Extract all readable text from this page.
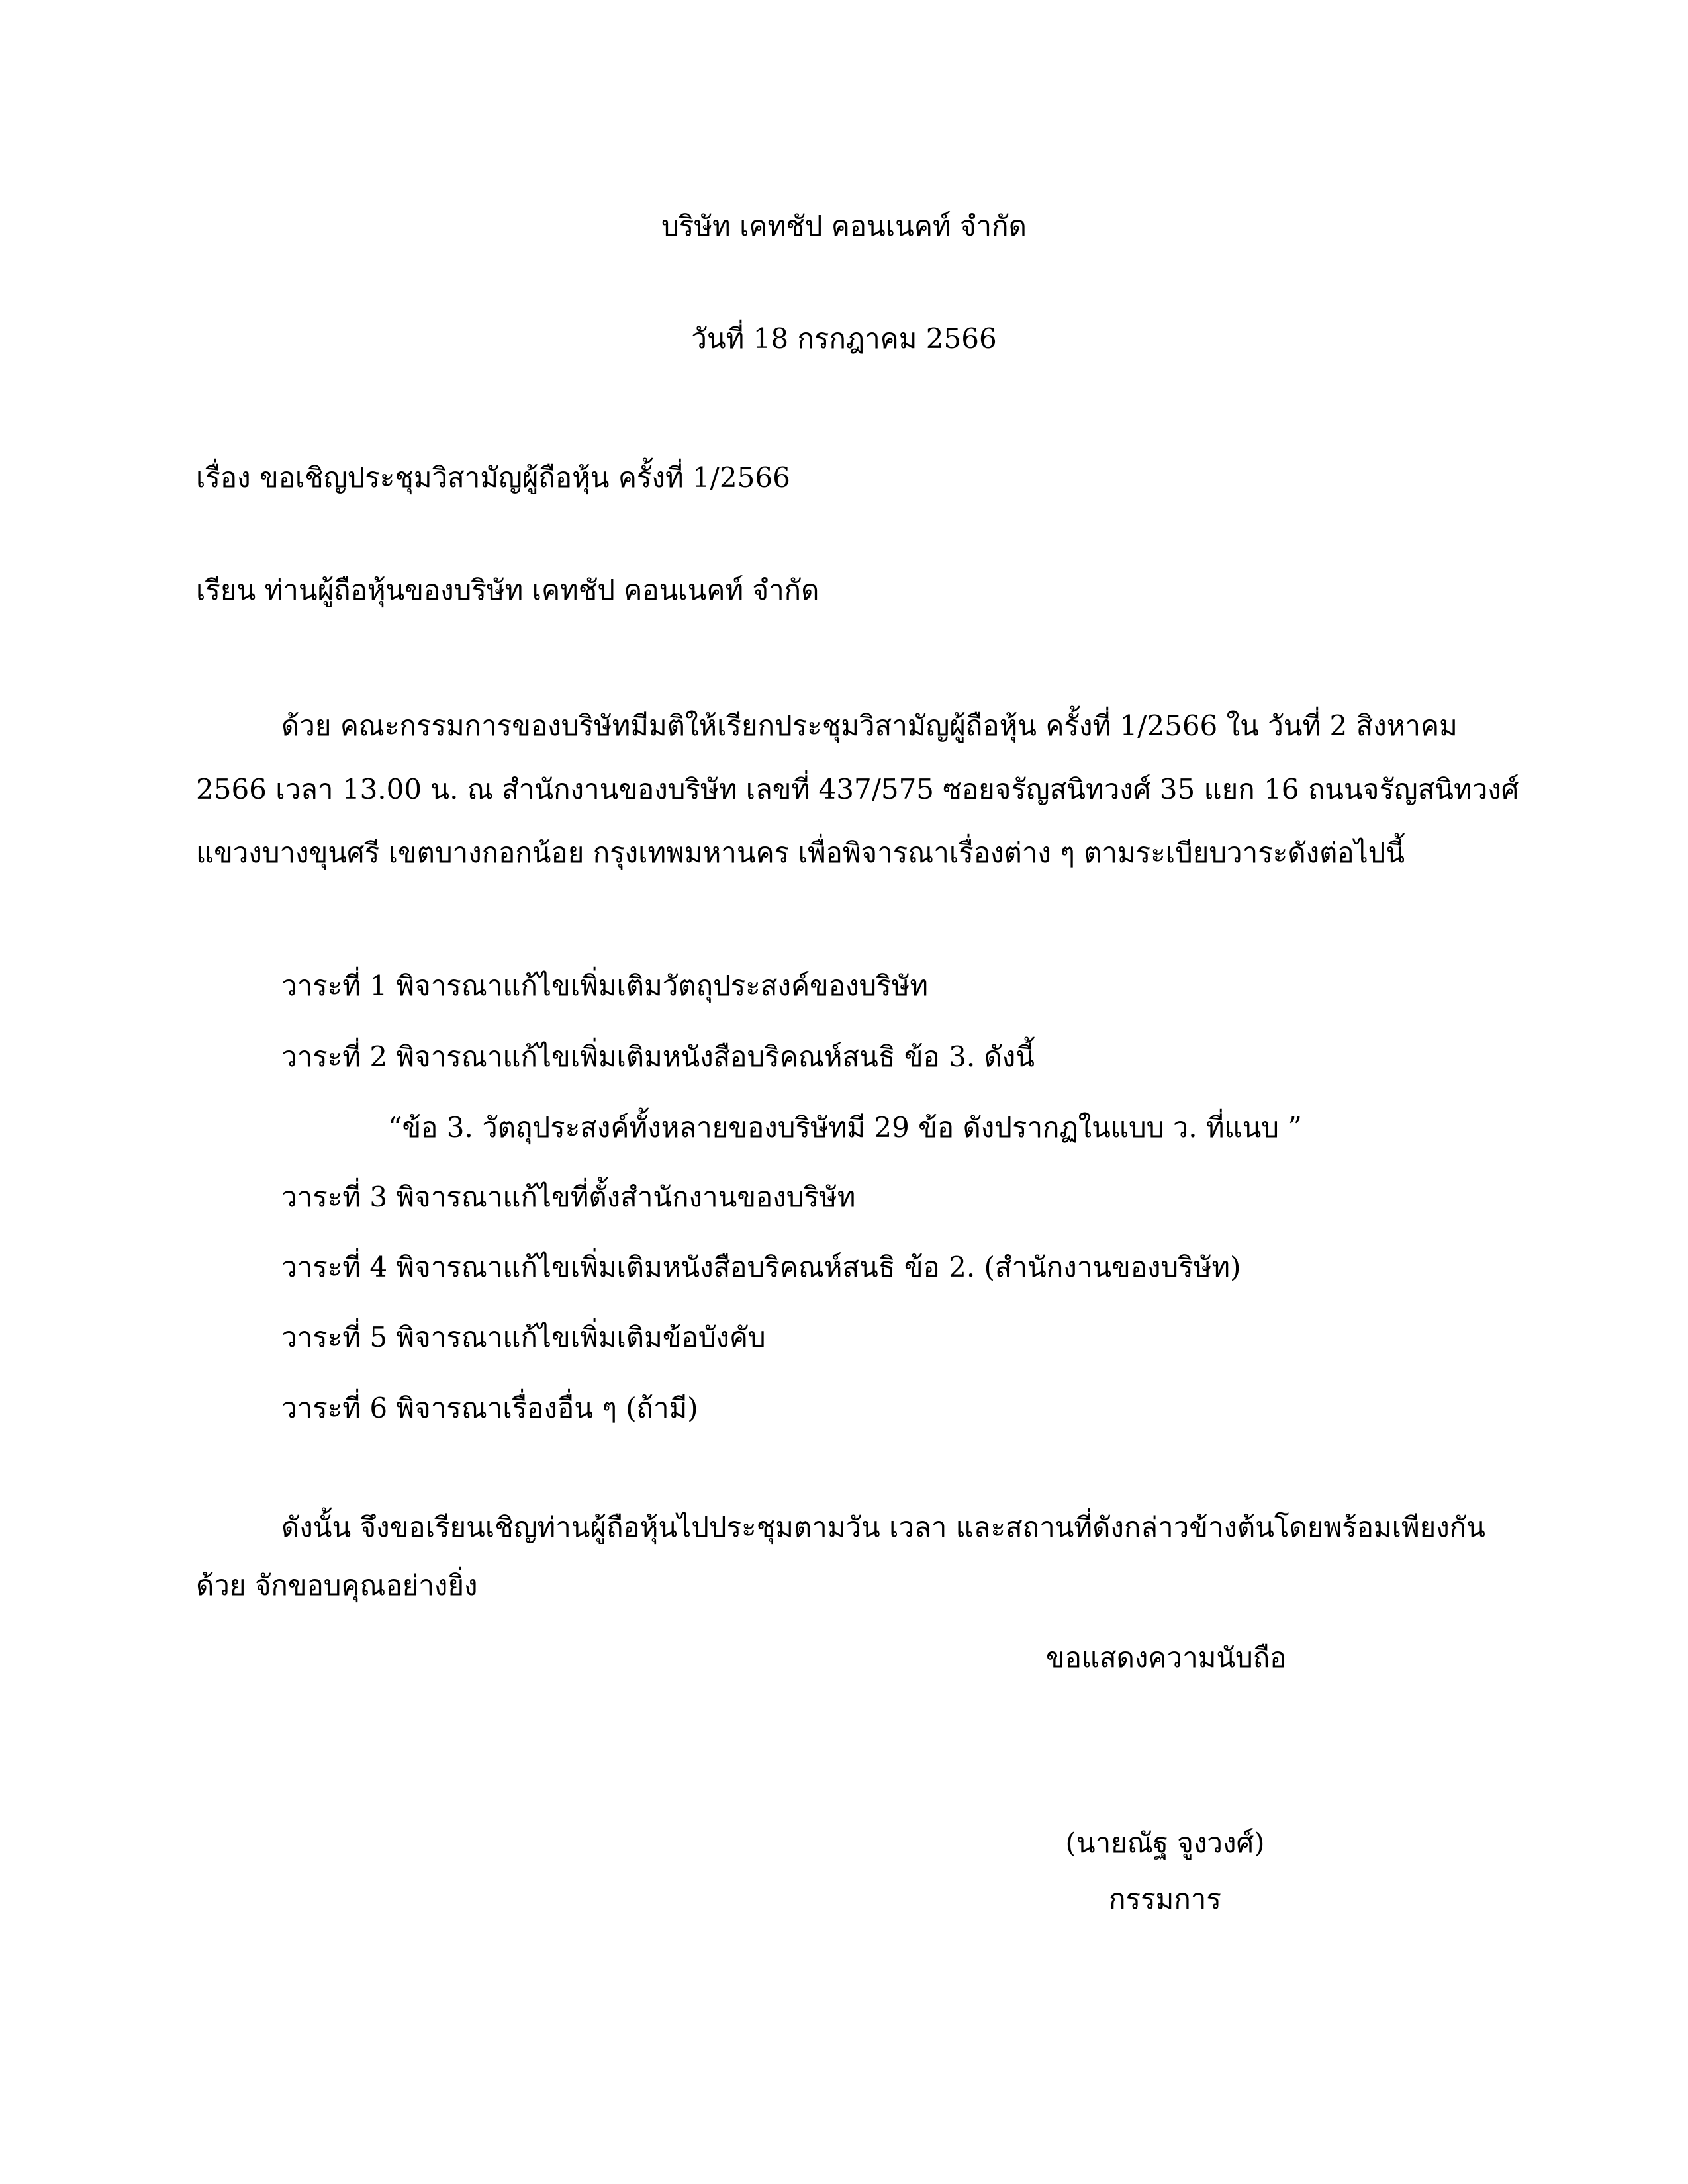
บริษัท เคทชัป คอนเนคท์ จำกัด
วันที่ 18 กรกฎาคม 2566
เรื่อง ขอเชิญประชุมวิสามัญผู้ถือหุ้น ครั้งที่ 1/2566
เรียน ท่านผู้ถือหุ้นของบริษัท เคทชัป คอนเนคท์ จำกัด
ด้วย คณะกรรมการของบริษัทมีมติให้เรียกประชุมวิสามัญผู้ถือหุ้น ครั้งที่ 1/2566 ใน วันที่ 2 สิงหาคม
2566 เวลา 13.00 น. ณ สำนักงานของบริษัท เลขที่ 437/575 ซอยจรัญสนิทวงศ์ 35 แยก 16 ถนนจรัญสนิทวงศ์
แขวงบางขุนศรี เขตบางกอกน้อย กรุงเทพมหานคร เพื่อพิจารณาเรื่องต่าง ๆ ตามระเบียบวาระดังต่อไปนี้
วาระที่ 1 พิจารณาแก้ไขเพิ่มเติมวัตถุประสงค์ของบริษัท
วาระที่ 2 พิจารณาแก้ไขเพิ่มเติมหนังสือบริคณห์สนธิ ข้อ 3. ดังนี้
“ข้อ 3. วัตถุประสงค์ทั้งหลายของบริษัทมี 29 ข้อ ดังปรากฏในแบบ ว. ที่แนบ ”
วาระที่ 3 พิจารณาแก้ไขที่ตั้งสำนักงานของบริษัท
วาระที่ 4 พิจารณาแก้ไขเพิ่มเติมหนังสือบริคณห์สนธิ ข้อ 2. (สำนักงานของบริษัท)
วาระที่ 5 พิจารณาแก้ไขเพิ่มเติมข้อบังคับ
วาระที่ 6 พิจารณาเรื่องอื่น ๆ (ถ้ามี)
ดังนั้น จึงขอเรียนเชิญท่านผู้ถือหุ้นไปประชุมตามวัน เวลา และสถานที่ดังกล่าวข้างต้นโดยพร้อมเพียงกัน
ด้วย จักขอบคุณอย่างยิ่ง
ขอแสดงความนับถือ
(นายณัฐ จูงวงศ์)
กรรมการ
